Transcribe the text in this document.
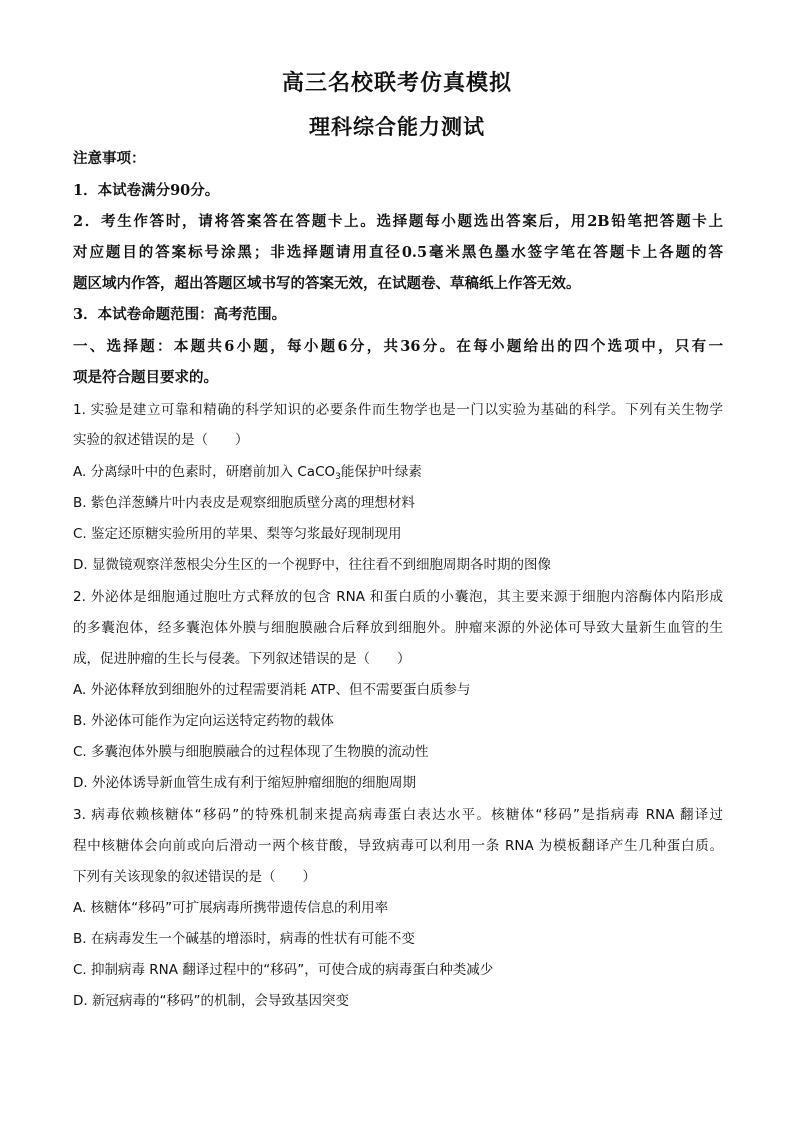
高三名校联考仿真模拟
理科综合能力测试
注意事项：
1．本试卷满分90分。
2．考生作答时，请将答案答在答题卡上。选择题每小题选出答案后，用2B铅笔把答题卡上
对应题目的答案标号涂黑；非选择题请用直径0.5毫米黑色墨水签字笔在答题卡上各题的答
题区域内作答，超出答题区域书写的答案无效，在试题卷、草稿纸上作答无效。
3．本试卷命题范围：高考范围。
一、选择题：本题共6小题，每小题6分，共36分。在每小题给出的四个选项中，只有一
项是符合题目要求的。
1. 实验是建立可靠和精确的科学知识的必要条件而生物学也是一门以实验为基础的科学。下列有关生物学
实验的叙述错误的是（　　）
A. 分离绿叶中的色素时，研磨前加入 CaCO$_3$能保护叶绿素
B. 紫色洋葱鳞片叶内表皮是观察细胞质壁分离的理想材料
C. 鉴定还原糖实验所用的苹果、梨等匀浆最好现制现用
D. 显微镜观察洋葱根尖分生区的一个视野中，往往看不到细胞周期各时期的图像
2. 外泌体是细胞通过胞吐方式释放的包含 RNA 和蛋白质的小囊泡，其主要来源于细胞内溶酶体内陷形成
的多囊泡体，经多囊泡体外膜与细胞膜融合后释放到细胞外。肿瘤来源的外泌体可导致大量新生血管的生
成，促进肿瘤的生长与侵袭。下列叙述错误的是（　　）
A. 外泌体释放到细胞外的过程需要消耗 ATP、但不需要蛋白质参与
B. 外泌体可能作为定向运送特定药物的载体
C. 多囊泡体外膜与细胞膜融合的过程体现了生物膜的流动性
D. 外泌体诱导新血管生成有利于缩短肿瘤细胞的细胞周期
3. 病毒依赖核糖体“移码”的特殊机制来提高病毒蛋白表达水平。核糖体“移码”是指病毒 RNA 翻译过
程中核糖体会向前或向后滑动一两个核苷酸，导致病毒可以利用一条 RNA 为模板翻译产生几种蛋白质。
下列有关该现象的叙述错误的是（　　）
A. 核糖体“移码”可扩展病毒所携带遗传信息的利用率
B. 在病毒发生一个碱基的增添时，病毒的性状有可能不变
C. 抑制病毒 RNA 翻译过程中的“移码”，可使合成的病毒蛋白种类减少
D. 新冠病毒的“移码”的机制，会导致基因突变
